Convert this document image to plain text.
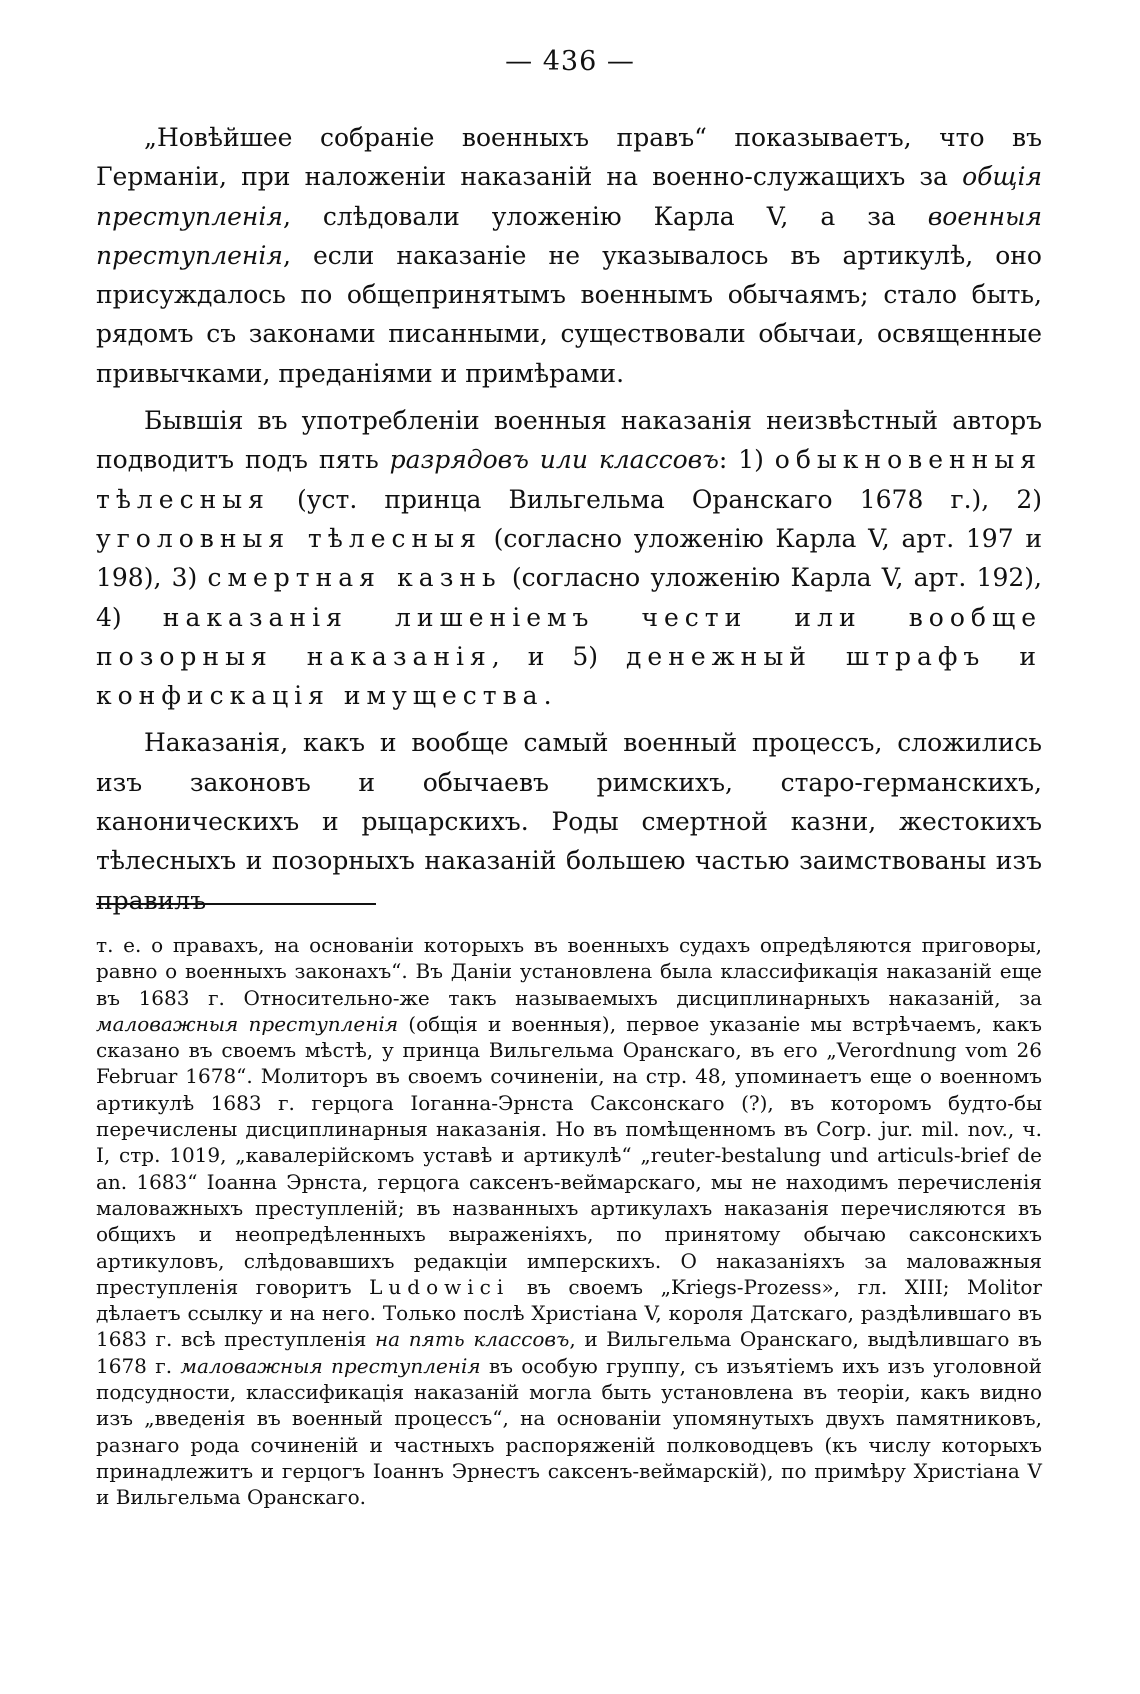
— 436 —

„Новѣйшее собраніе военныхъ правъ“ показываетъ, что въ Германіи, при наложеніи наказаній на военно-служащихъ за общія преступленія, слѣдовали уложенію Карла V, а за военныя преступленія, если наказаніе не указывалось въ артикулѣ, оно присуждалось по общепринятымъ военнымъ обычаямъ; стало быть, рядомъ съ законами писанными, существовали обычаи, освященные привычками, преданіями и примѣрами.

Бывшія въ употребленіи военныя наказанія неизвѣстный авторъ подводитъ подъ пять разрядовъ или классовъ: 1) обыкновенныя тѣлесныя (уст. принца Вильгельма Оранскаго 1678 г.), 2) уголовныя тѣлесныя (согласно уложенію Карла V, арт. 197 и 198), 3) смертная казнь (согласно уложенію Карла V, арт. 192), 4) наказанія лишеніемъ чести или вообще позорныя наказанія, и 5) денежный штрафъ и конфискація имущества.

Наказанія, какъ и вообще самый военный процессъ, сложились изъ законовъ и обычаевъ римскихъ, старо-германскихъ, каноническихъ и рыцарскихъ. Роды смертной казни, жестокихъ тѣлесныхъ и позорныхъ наказаній большею частью заимствованы изъ правилъ

т. е. о правахъ, на основаніи которыхъ въ военныхъ судахъ опредѣляются приговоры, равно о военныхъ законахъ“. Въ Даніи установлена была классификація наказаній еще въ 1683 г. Относительно-же такъ называемыхъ дисциплинарныхъ наказаній, за маловажныя преступленія (общія и военныя), первое указаніе мы встрѣчаемъ, какъ сказано въ своемъ мѣстѣ, у принца Вильгельма Оранскаго, въ его „Verordnung vom 26 Februar 1678“. Молиторъ въ своемъ сочиненіи, на стр. 48, упоминаетъ еще о военномъ артикулѣ 1683 г. герцога Іоганна-Эрнста Саксонскаго (?), въ которомъ будто-бы перечислены дисциплинарныя наказанія. Но въ помѣщенномъ въ Corp. jur. mil. nov., ч. I, стр. 1019, „кавалерійскомъ уставѣ и артикулѣ“ „reuter-bestalung und articuls-brief de an. 1683“ Іоанна Эрнста, герцога саксенъ-веймарскаго, мы не находимъ перечисленія маловажныхъ преступленій; въ названныхъ артикулахъ наказанія перечисляются въ общихъ и неопредѣленныхъ выраженіяхъ, по принятому обычаю саксонскихъ артикуловъ, слѣдовавшихъ редакціи имперскихъ. О наказаніяхъ за маловажныя преступленія говоритъ Ludowici въ своемъ „Kriegs-Prozess», гл. XIII; Molitor дѣлаетъ ссылку и на него. Только послѣ Христіана V, короля Датскаго, раздѣлившаго въ 1683 г. всѣ преступленія на пять классовъ, и Вильгельма Оранскаго, выдѣлившаго въ 1678 г. маловажныя преступленія въ особую группу, съ изъятіемъ ихъ изъ уголовной подсудности, классификація наказаній могла быть установлена въ теоріи, какъ видно изъ „введенія въ военный процессъ“, на основаніи упомянутыхъ двухъ памятниковъ, разнаго рода сочиненій и частныхъ распоряженій полководцевъ (къ числу которыхъ принадлежитъ и герцогъ Іоаннъ Эрнестъ саксенъ-веймарскій), по примѣру Христіана V и Вильгельма Оранскаго.
